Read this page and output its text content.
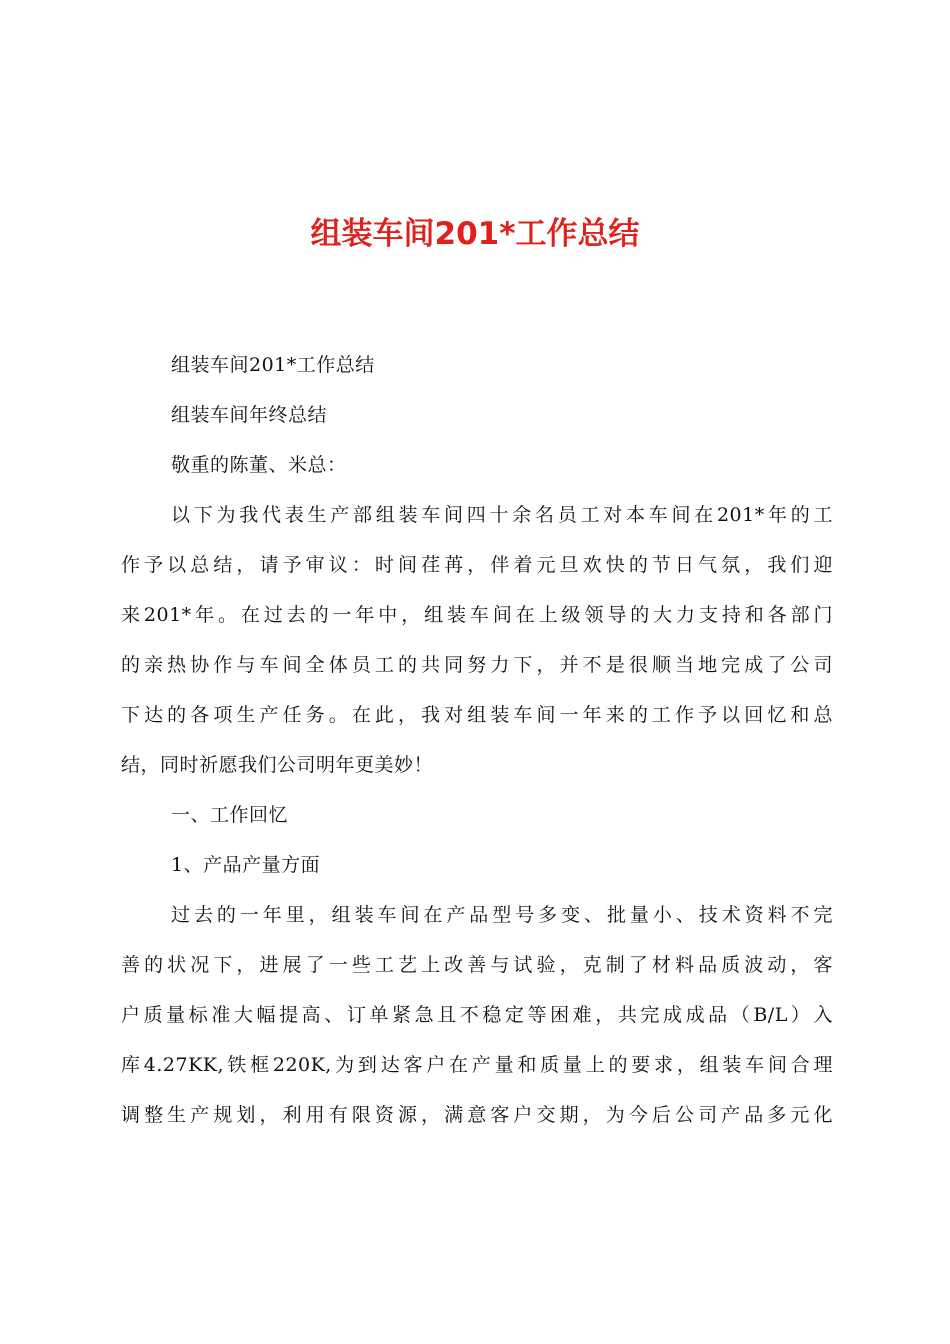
组装车间201*工作总结
组装车间201*工作总结
组装车间年终总结
敬重的陈董、米总：
以下为我代表生产部组装车间四十余名员工对本车间在201*年的工
作予以总结，请予审议：时间荏苒，伴着元旦欢快的节日气氛，我们迎
来201*年。在过去的一年中，组装车间在上级领导的大力支持和各部门
的亲热协作与车间全体员工的共同努力下，并不是很顺当地完成了公司
下达的各项生产任务。在此，我对组装车间一年来的工作予以回忆和总
结，同时祈愿我们公司明年更美妙！
一、工作回忆
1、产品产量方面
过去的一年里，组装车间在产品型号多变、批量小、技术资料不完
善的状况下，进展了一些工艺上改善与试验，克制了材料品质波动，客
户质量标准大幅提高、订单紧急且不稳定等困难，共完成成品（B/L）入
库4.27KK,铁框220K,为到达客户在产量和质量上的要求，组装车间合理
调整生产规划，利用有限资源，满意客户交期，为今后公司产品多元化
